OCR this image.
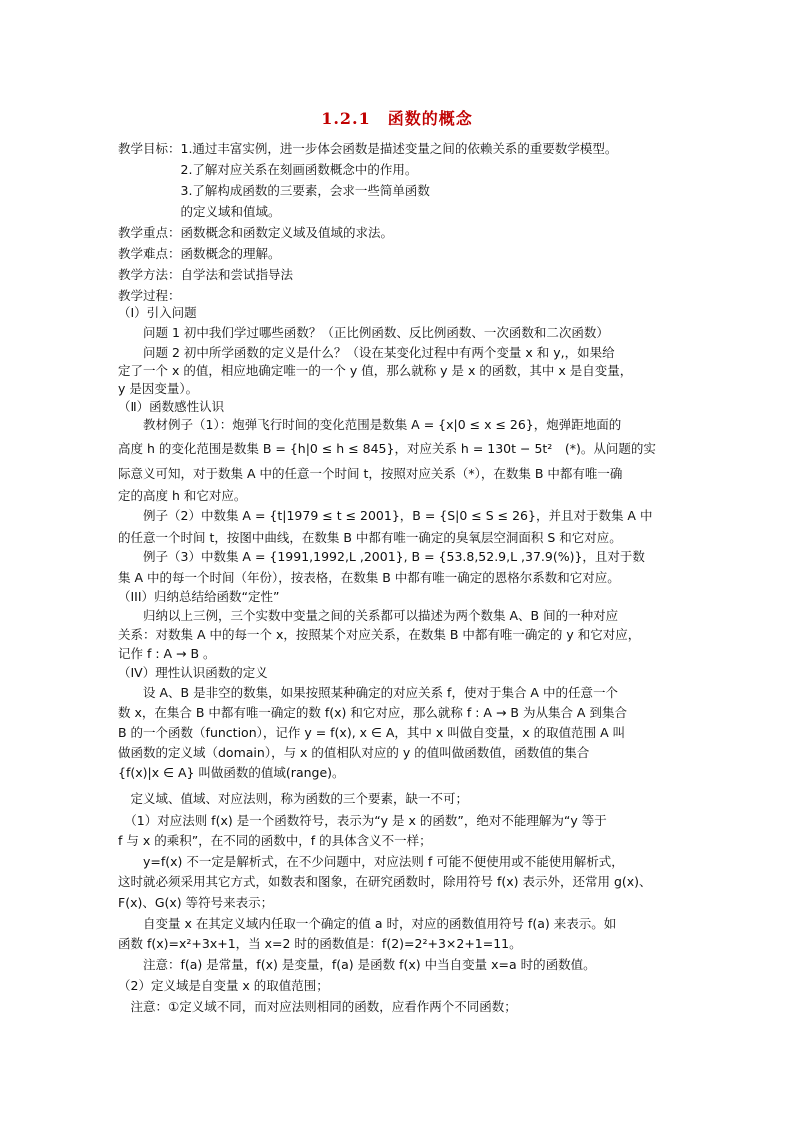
1.2.1　函数的概念
教学目标：1.通过丰富实例，进一步体会函数是描述变量之间的依赖关系的重要数学模型。
　　　　　2.了解对应关系在刻画函数概念中的作用。
　　　　　3.了解构成函数的三要素，会求一些简单函数
　　　　　的定义域和值域。
教学重点：函数概念和函数定义域及值域的求法。
教学难点：函数概念的理解。
教学方法：自学法和尝试指导法
教学过程：
（Ⅰ）引入问题
　　问题 1 初中我们学过哪些函数？（正比例函数、反比例函数、一次函数和二次函数）
　　问题 2 初中所学函数的定义是什么？（设在某变化过程中有两个变量 x 和 y,，如果给
定了一个 x 的值，相应地确定唯一的一个 y 值，那么就称 y 是 x 的函数，其中 x 是自变量，
y 是因变量）。
（Ⅱ）函数感性认识
　　教材例子（1）：炮弹飞行时间的变化范围是数集 A = {x|0 ≤ x ≤ 26}，炮弹距地面的
高度 h 的变化范围是数集 B = {h|0 ≤ h ≤ 845}，对应关系 h = 130t − 5t²　(*)。从问题的实
际意义可知，对于数集 A 中的任意一个时间 t，按照对应关系（*），在数集 B 中都有唯一确
定的高度 h 和它对应。
　　例子（2）中数集 A = {t|1979 ≤ t ≤ 2001}，B = {S|0 ≤ S ≤ 26}，并且对于数集 A 中
的任意一个时间 t，按图中曲线，在数集 B 中都有唯一确定的臭氧层空洞面积 S 和它对应。
　　例子（3）中数集 A = {1991,1992,L ,2001}, B = {53.8,52.9,L ,37.9(%)}，且对于数
集 A 中的每一个时间（年份），按表格，在数集 B 中都有唯一确定的恩格尔系数和它对应。
（III）归纳总结给函数“定性”
　　归纳以上三例，三个实数中变量之间的关系都可以描述为两个数集 A、B 间的一种对应
关系：对数集 A 中的每一个 x，按照某个对应关系，在数集 B 中都有唯一确定的 y 和它对应，
记作 f : A → B 。
（IV）理性认识函数的定义
　　设 A、B 是非空的数集，如果按照某种确定的对应关系 f，使对于集合 A 中的任意一个
数 x，在集合 B 中都有唯一确定的数 f(x) 和它对应，那么就称 f : A → B 为从集合 A 到集合
B 的一个函数（function），记作 y = f(x), x ∈ A，其中 x 叫做自变量，x 的取值范围 A 叫
做函数的定义域（domain），与 x 的值相队对应的 y 的值叫做函数值，函数值的集合
{f(x)|x ∈ A} 叫做函数的值域(range)。
　定义域、值域、对应法则，称为函数的三个要素，缺一不可；
　（1）对应法则 f(x) 是一个函数符号，表示为“y 是 x 的函数”，绝对不能理解为“y 等于
f 与 x 的乘积”，在不同的函数中，f 的具体含义不一样；
　　y=f(x) 不一定是解析式，在不少问题中，对应法则 f 可能不便使用或不能使用解析式，
这时就必须采用其它方式，如数表和图象，在研究函数时，除用符号 f(x) 表示外，还常用 g(x)、
F(x)、G(x) 等符号来表示；
　　自变量 x 在其定义域内任取一个确定的值 a 时，对应的函数值用符号 f(a) 来表示。如
函数 f(x)=x²+3x+1，当 x=2 时的函数值是：f(2)=2²+3×2+1=11。
　　注意：f(a) 是常量，f(x) 是变量，f(a) 是函数 f(x) 中当自变量 x=a 时的函数值。
（2）定义域是自变量 x 的取值范围；
　注意：①定义域不同，而对应法则相同的函数，应看作两个不同函数；
